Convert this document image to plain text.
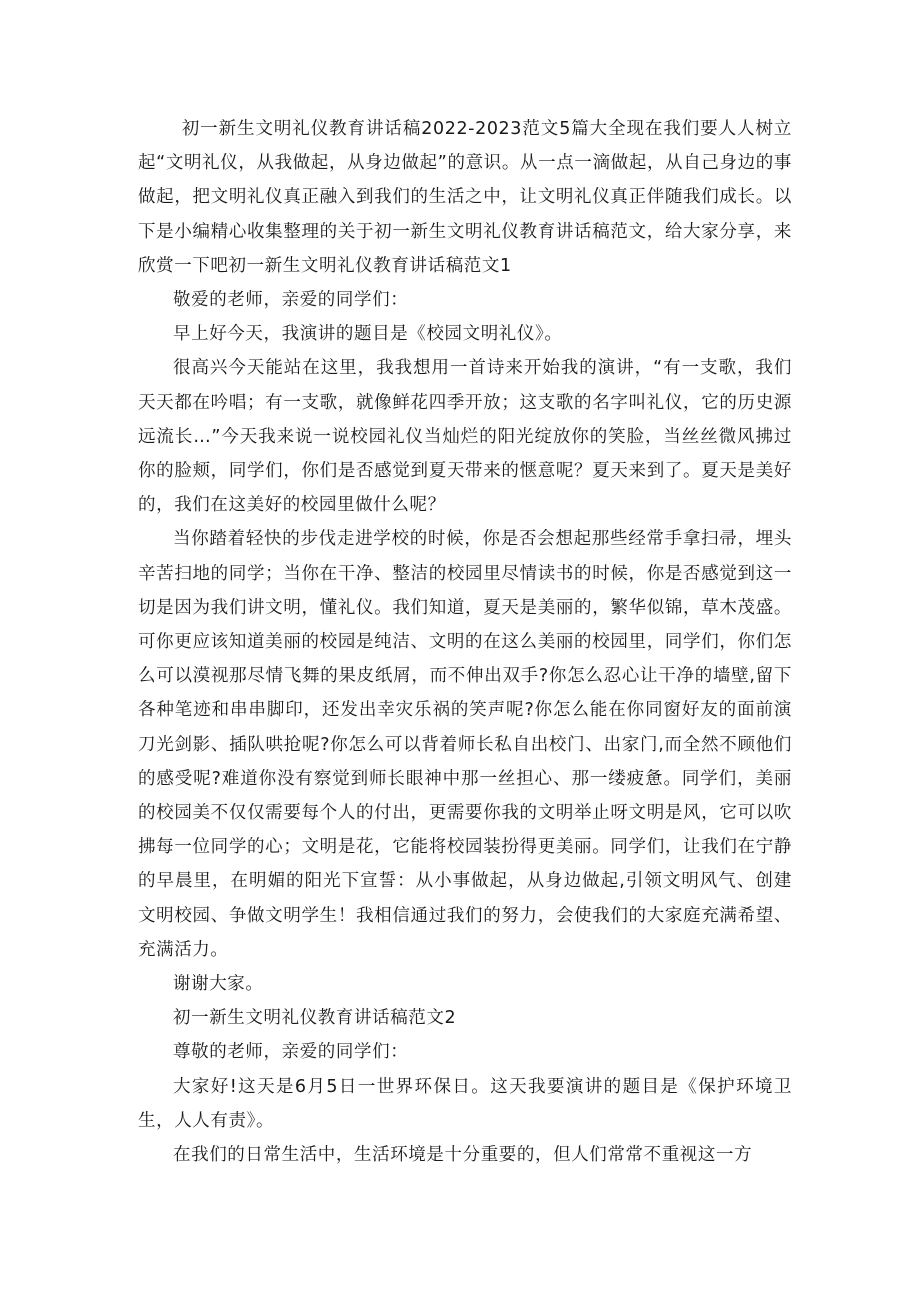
初一新生文明礼仪教育讲话稿2022-2023范文5篇大全现在我们要人人树立起“文明礼仪，从我做起，从身边做起”的意识。从一点一滴做起，从自己身边的事做起，把文明礼仪真正融入到我们的生活之中，让文明礼仪真正伴随我们成长。以下是小编精心收集整理的关于初一新生文明礼仪教育讲话稿范文，给大家分享，来欣赏一下吧初一新生文明礼仪教育讲话稿范文1

敬爱的老师，亲爱的同学们：

早上好今天，我演讲的题目是《校园文明礼仪》。

很高兴今天能站在这里，我我想用一首诗来开始我的演讲，“有一支歌，我们天天都在吟唱；有一支歌，就像鲜花四季开放；这支歌的名字叫礼仪，它的历史源远流长…”今天我来说一说校园礼仪当灿烂的阳光绽放你的笑脸，当丝丝微风拂过你的脸颊，同学们，你们是否感觉到夏天带来的惬意呢？夏天来到了。夏天是美好的，我们在这美好的校园里做什么呢？

当你踏着轻快的步伐走进学校的时候，你是否会想起那些经常手拿扫帚，埋头辛苦扫地的同学；当你在干净、整洁的校园里尽情读书的时候，你是否感觉到这一切是因为我们讲文明，懂礼仪。我们知道，夏天是美丽的，繁华似锦，草木茂盛。可你更应该知道美丽的校园是纯洁、文明的在这么美丽的校园里，同学们，你们怎么可以漠视那尽情飞舞的果皮纸屑，而不伸出双手?你怎么忍心让干净的墙壁,留下各种笔迹和串串脚印，还发出幸灾乐祸的笑声呢?你怎么能在你同窗好友的面前演刀光剑影、插队哄抢呢?你怎么可以背着师长私自出校门、出家门,而全然不顾他们的感受呢?难道你没有察觉到师长眼神中那一丝担心、那一缕疲惫。同学们，美丽的校园美不仅仅需要每个人的付出，更需要你我的文明举止呀文明是风，它可以吹拂每一位同学的心；文明是花，它能将校园装扮得更美丽。同学们，让我们在宁静的早晨里，在明媚的阳光下宣誓：从小事做起，从身边做起,引领文明风气、创建文明校园、争做文明学生！我相信通过我们的努力，会使我们的大家庭充满希望、充满活力。

谢谢大家。

初一新生文明礼仪教育讲话稿范文2

尊敬的老师，亲爱的同学们：

大家好!这天是6月5日一世界环保日。这天我要演讲的题目是《保护环境卫生，人人有责》。

在我们的日常生活中，生活环境是十分重要的，但人们常常不重视这一方
